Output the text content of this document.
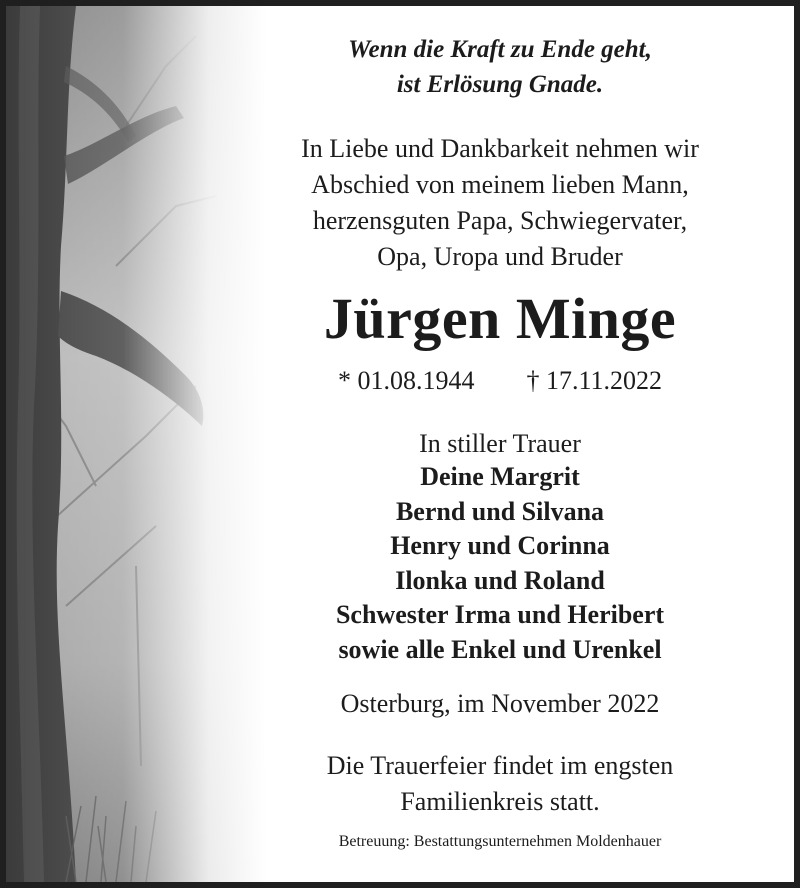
Wenn die Kraft zu Ende geht,
ist Erlösung Gnade.
In Liebe und Dankbarkeit nehmen wir
Abschied von meinem lieben Mann,
herzensguten Papa, Schwiegervater,
Opa, Uropa und Bruder
Jürgen Minge
* 01.08.1944 † 17.11.2022
In stiller Trauer
Deine Margrit
Bernd und Silvana
Henry und Corinna
Ilonka und Roland
Schwester Irma und Heribert
sowie alle Enkel und Urenkel
Osterburg, im November 2022
Die Trauerfeier findet im engsten
Familienkreis statt.
Betreuung: Bestattungsunternehmen Moldenhauer
